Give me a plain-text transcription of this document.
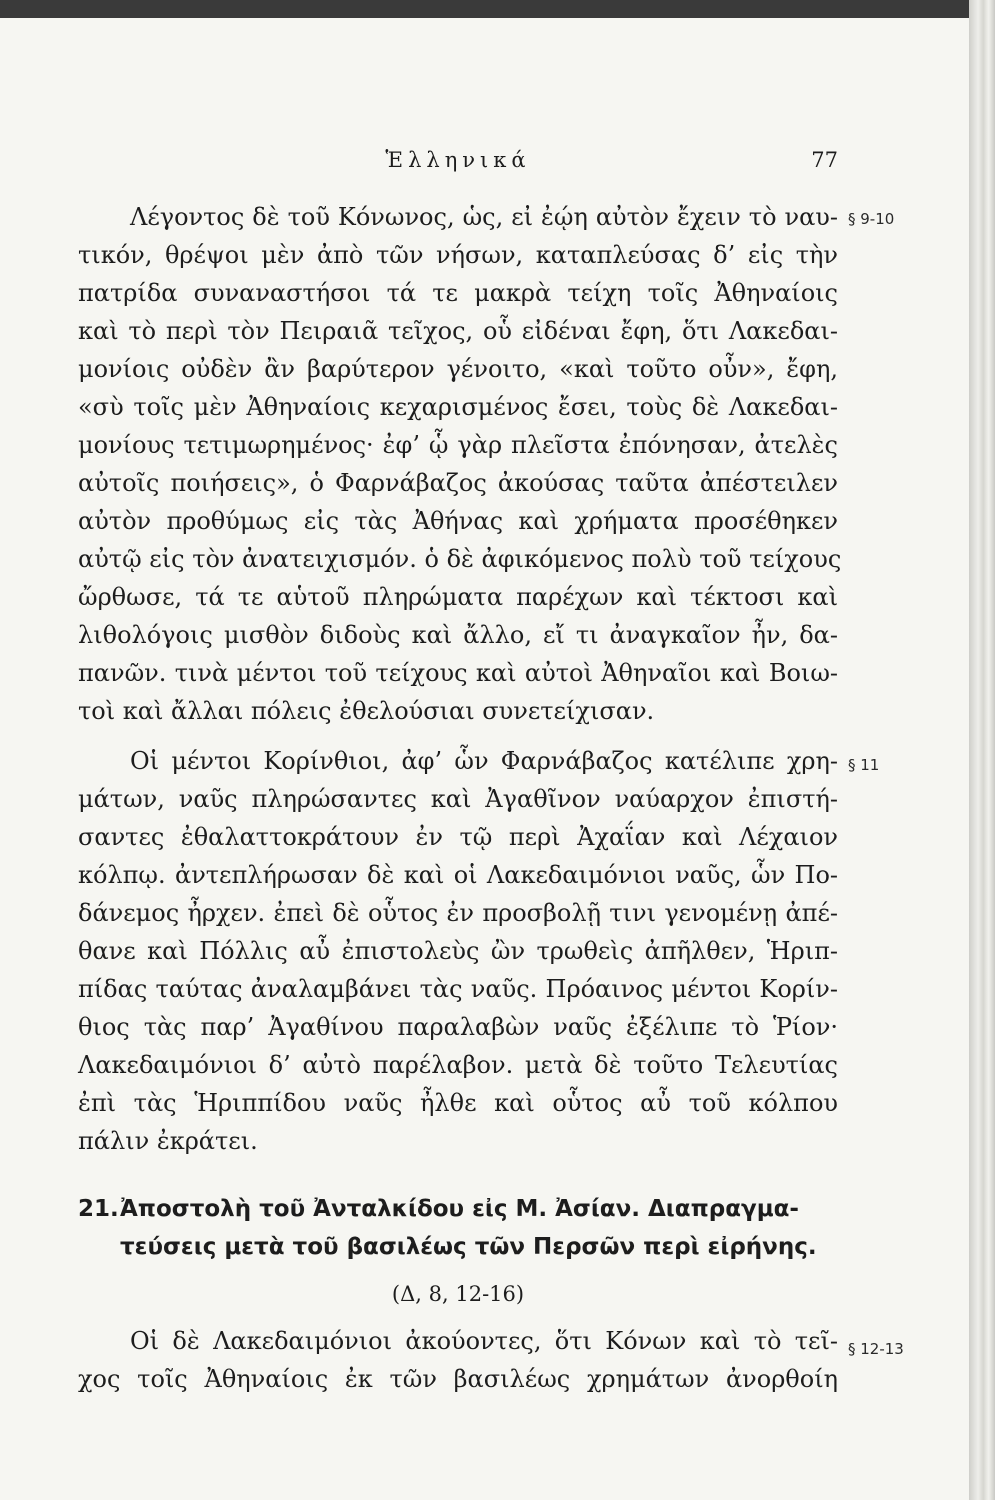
Ἑλληνικά	77
Λέγοντος δὲ τοῦ Κόνωνος, ὡς, εἰ ἐῴη αὐτὸν ἔχειν τὸ ναυ-
τικόν, θρέψοι μὲν ἀπὸ τῶν νήσων, καταπλεύσας δ’ εἰς τὴν
πατρίδα συναναστήσοι τά τε μακρὰ τείχη τοῖς Ἀθηναίοις
καὶ τὸ περὶ τὸν Πειραιᾶ τεῖχος, οὗ εἰδέναι ἔφη, ὅτι Λακεδαι-
μονίοις οὐδὲν ἂν βαρύτερον γένοιτο, «καὶ τοῦτο οὖν», ἔφη,
«σὺ τοῖς μὲν Ἀθηναίοις κεχαρισμένος ἔσει, τοὺς δὲ Λακεδαι-
μονίους τετιμωρημένος· ἐφ’ ᾧ γὰρ πλεῖστα ἐπόνησαν, ἀτελὲς
αὐτοῖς ποιήσεις», ὁ Φαρνάβαζος ἀκούσας ταῦτα ἀπέστειλεν
αὐτὸν προθύμως εἰς τὰς Ἀθήνας καὶ χρήματα προσέθηκεν
αὐτῷ εἰς τὸν ἀνατειχισμόν. ὁ δὲ ἀφικόμενος πολὺ τοῦ τείχους
ὤρθωσε, τά τε αὑτοῦ πληρώματα παρέχων καὶ τέκτοσι καὶ
λιθολόγοις μισθὸν διδοὺς καὶ ἄλλο, εἴ τι ἀναγκαῖον ἦν, δα-
πανῶν. τινὰ μέντοι τοῦ τείχους καὶ αὐτοὶ Ἀθηναῖοι καὶ Βοιω-
τοὶ καὶ ἄλλαι πόλεις ἐθελούσιαι συνετείχισαν.
Οἱ μέντοι Κορίνθιοι, ἀφ’ ὧν Φαρνάβαζος κατέλιπε χρη-
μάτων, ναῦς πληρώσαντες καὶ Ἀγαθῖνον ναύαρχον ἐπιστή-
σαντες ἐθαλαττοκράτουν ἐν τῷ περὶ Ἀχαΐαν καὶ Λέχαιον
κόλπῳ. ἀντεπλήρωσαν δὲ καὶ οἱ Λακεδαιμόνιοι ναῦς, ὧν Πο-
δάνεμος ἦρχεν. ἐπεὶ δὲ οὗτος ἐν προσβολῇ τινι γενομένῃ ἀπέ-
θανε καὶ Πόλλις αὖ ἐπιστολεὺς ὢν τρωθεὶς ἀπῆλθεν, Ἡριπ-
πίδας ταύτας ἀναλαμβάνει τὰς ναῦς. Πρόαινος μέντοι Κορίν-
θιος τὰς παρ’ Ἀγαθίνου παραλαβὼν ναῦς ἐξέλιπε τὸ Ῥίον·
Λακεδαιμόνιοι δ’ αὐτὸ παρέλαβον. μετὰ δὲ τοῦτο Τελευτίας
ἐπὶ τὰς Ἡριππίδου ναῦς ἦλθε καὶ οὗτος αὖ τοῦ κόλπου
πάλιν ἐκράτει.
21.Ἀποστολὴ τοῦ Ἀνταλκίδου εἰς Μ. Ἀσίαν. Διαπραγμα-
τεύσεις μετὰ τοῦ βασιλέως τῶν Περσῶν περὶ εἰρήνης.
(Δ, 8, 12-16)
Οἱ δὲ Λακεδαιμόνιοι ἀκούοντες, ὅτι Κόνων καὶ τὸ τεῖ-
χος τοῖς Ἀθηναίοις ἐκ τῶν βασιλέως χρημάτων ἀνορθοίη
§ 9-10
§ 11
§ 12-13
